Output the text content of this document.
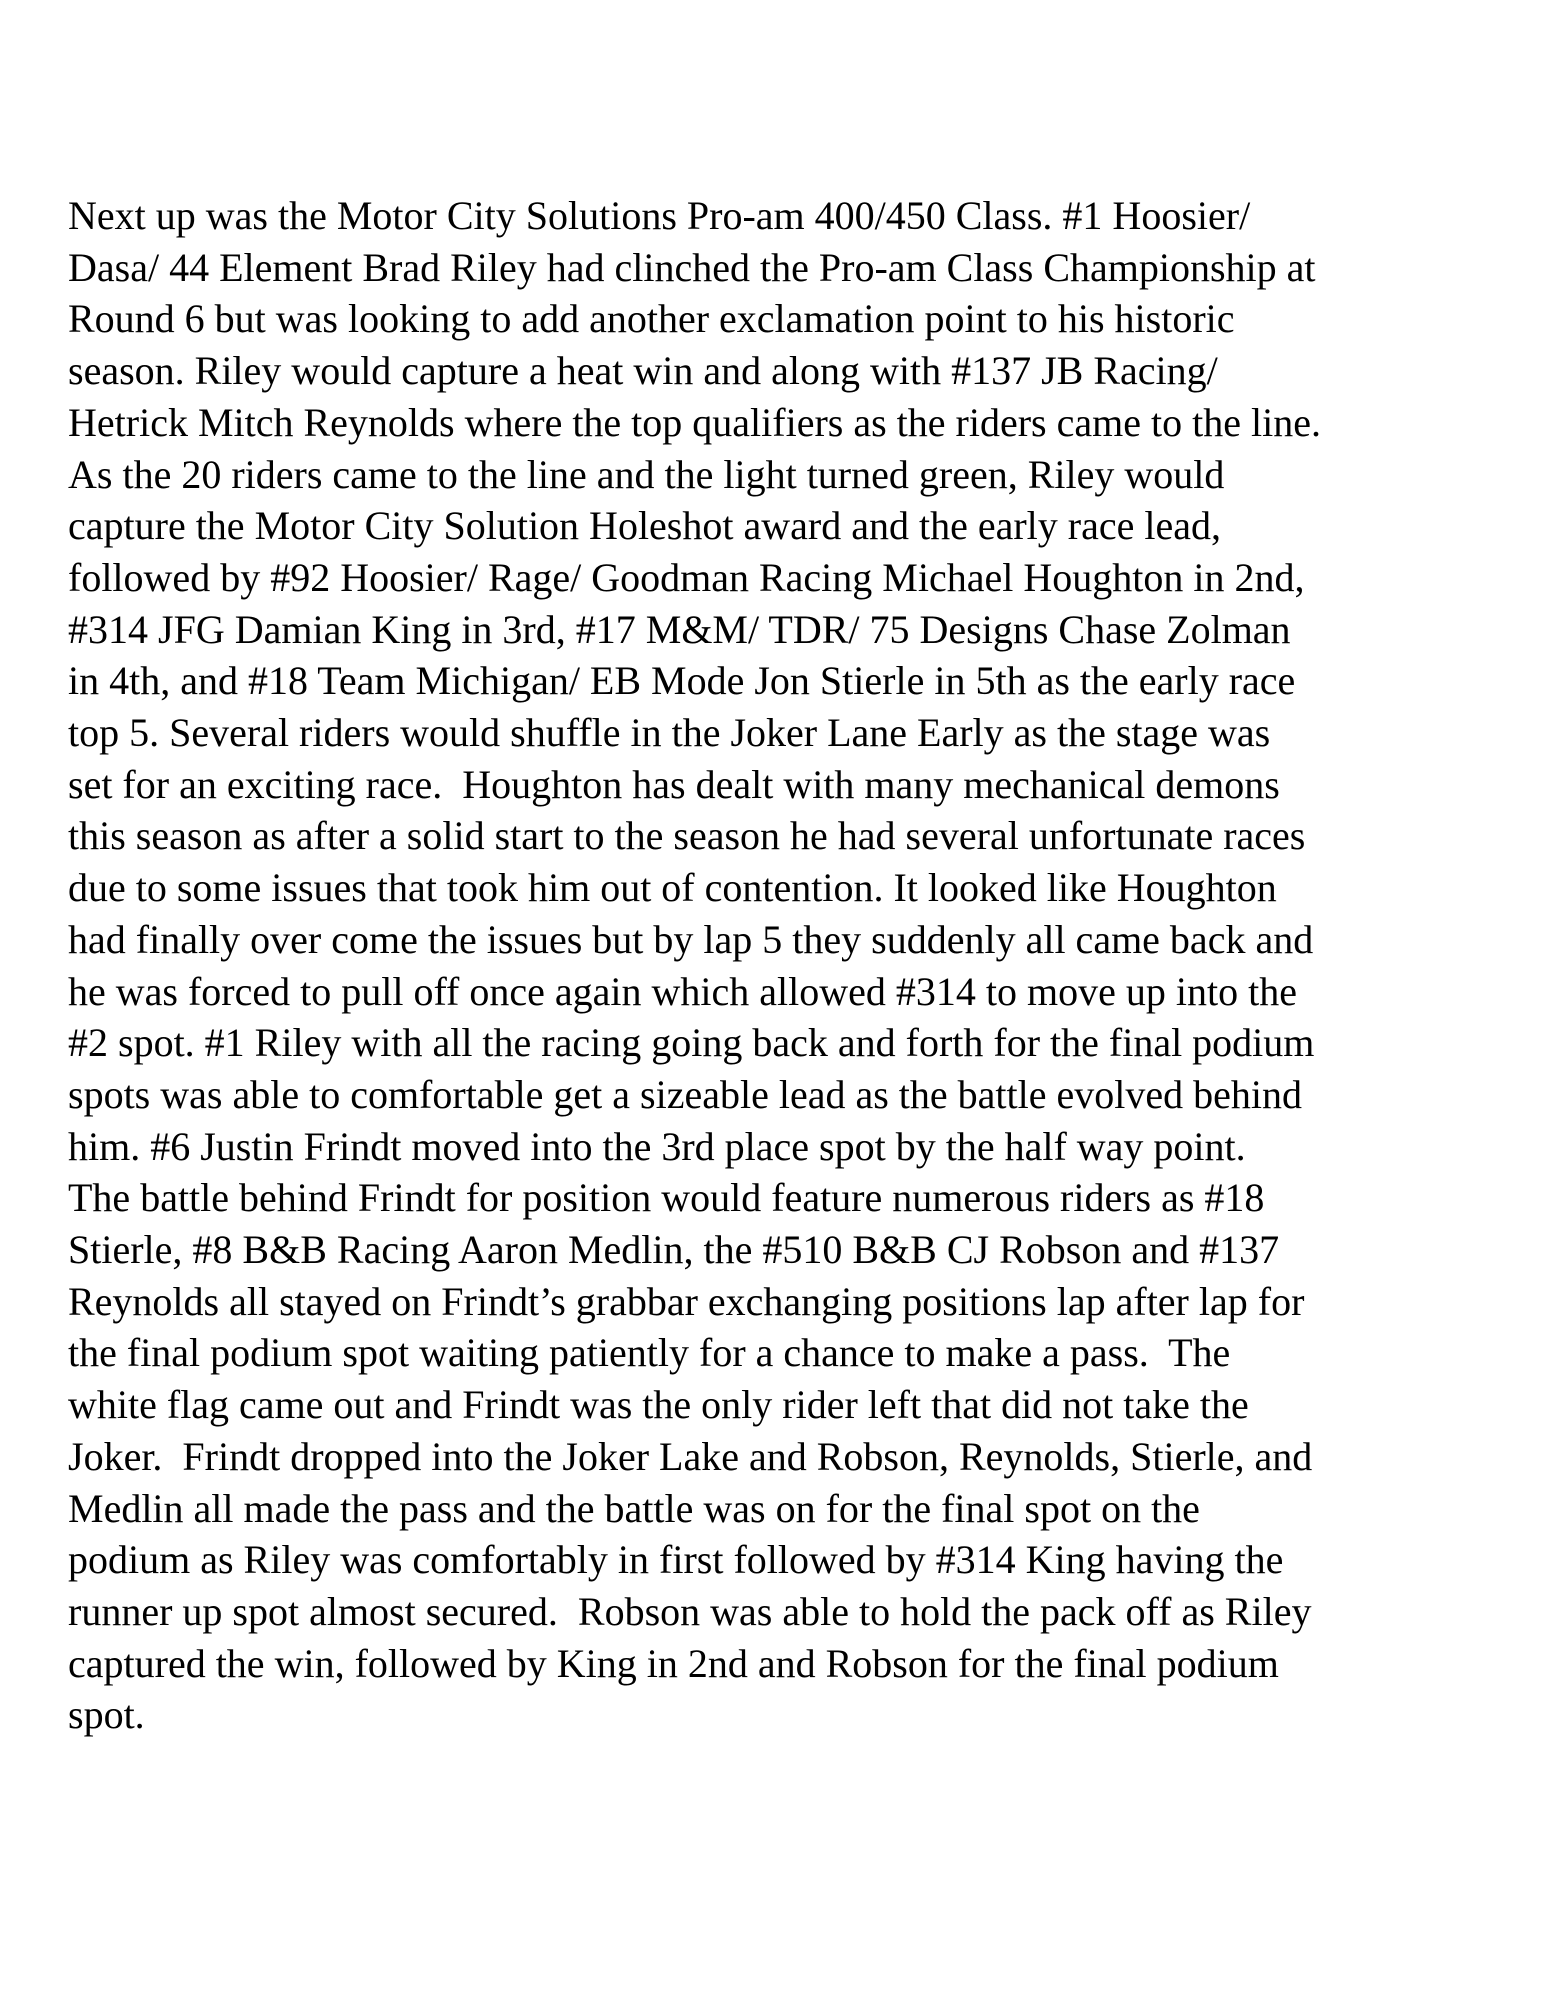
Next up was the Motor City Solutions Pro-am 400/450 Class. #1 Hoosier/
Dasa/ 44 Element Brad Riley had clinched the Pro-am Class Championship at
Round 6 but was looking to add another exclamation point to his historic
season. Riley would capture a heat win and along with #137 JB Racing/
Hetrick Mitch Reynolds where the top qualifiers as the riders came to the line.
As the 20 riders came to the line and the light turned green, Riley would
capture the Motor City Solution Holeshot award and the early race lead,
followed by #92 Hoosier/ Rage/ Goodman Racing Michael Houghton in 2nd,
#314 JFG Damian King in 3rd, #17 M&M/ TDR/ 75 Designs Chase Zolman
in 4th, and #18 Team Michigan/ EB Mode Jon Stierle in 5th as the early race
top 5. Several riders would shuffle in the Joker Lane Early as the stage was
set for an exciting race.  Houghton has dealt with many mechanical demons
this season as after a solid start to the season he had several unfortunate races
due to some issues that took him out of contention. It looked like Houghton
had finally over come the issues but by lap 5 they suddenly all came back and
he was forced to pull off once again which allowed #314 to move up into the
#2 spot. #1 Riley with all the racing going back and forth for the final podium
spots was able to comfortable get a sizeable lead as the battle evolved behind
him. #6 Justin Frindt moved into the 3rd place spot by the half way point.
The battle behind Frindt for position would feature numerous riders as #18
Stierle, #8 B&B Racing Aaron Medlin, the #510 B&B CJ Robson and #137
Reynolds all stayed on Frindt’s grabbar exchanging positions lap after lap for
the final podium spot waiting patiently for a chance to make a pass.  The
white flag came out and Frindt was the only rider left that did not take the
Joker.  Frindt dropped into the Joker Lake and Robson, Reynolds, Stierle, and
Medlin all made the pass and the battle was on for the final spot on the
podium as Riley was comfortably in first followed by #314 King having the
runner up spot almost secured.  Robson was able to hold the pack off as Riley
captured the win, followed by King in 2nd and Robson for the final podium
spot.
